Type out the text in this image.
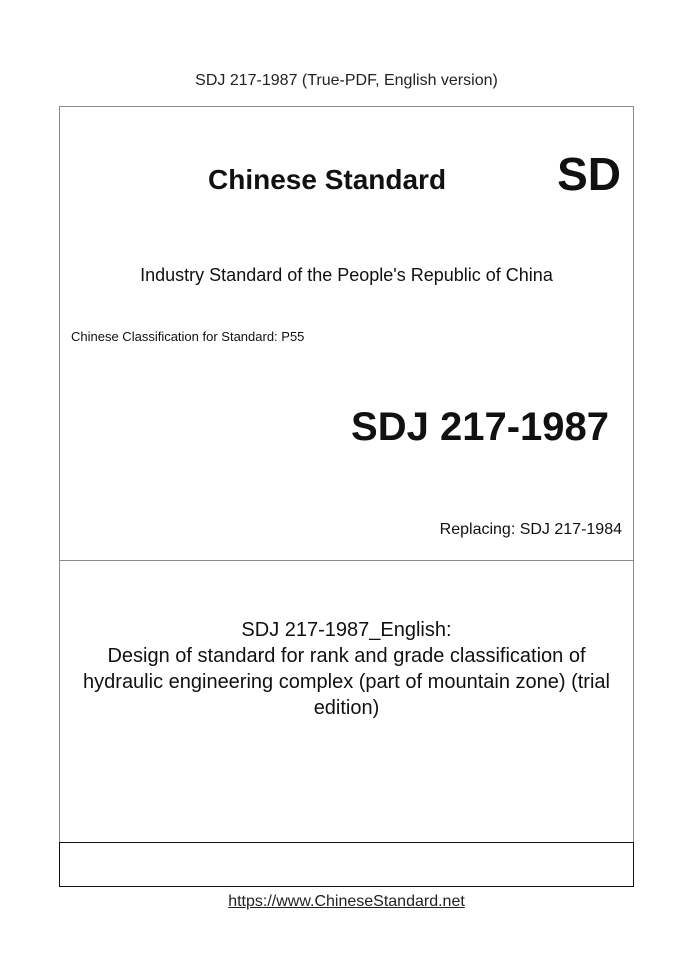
SDJ 217-1987 (True-PDF, English version)
Chinese Standard SD
Industry Standard of the People's Republic of China
Chinese Classification for Standard: P55
SDJ 217-1987
Replacing: SDJ 217-1984
SDJ 217-1987_English:
Design of standard for rank and grade classification of
hydraulic engineering complex (part of mountain zone) (trial
edition)
https://www.ChineseStandard.net
